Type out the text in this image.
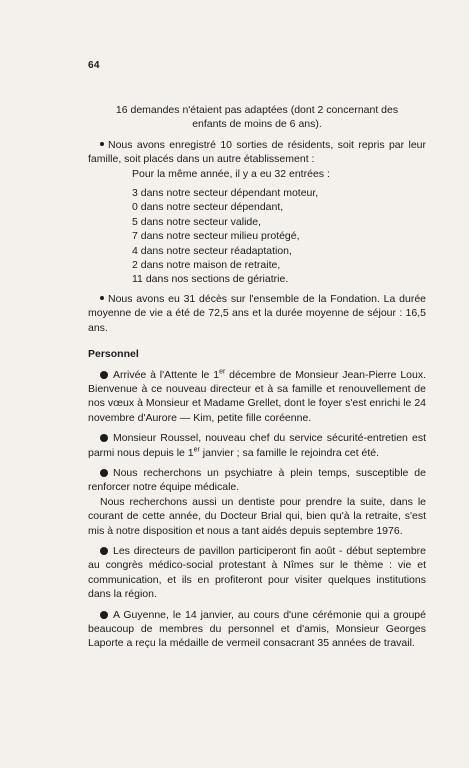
64

16 demandes n'étaient pas adaptées (dont 2 concernant des

enfants de moins de 6 ans).

Nous avons enregistré 10 sorties de résidents, soit repris par leur famille, soit placés dans un autre établissement :

Pour la même année, il y a eu 32 entrées :

3 dans notre secteur dépendant moteur,
0 dans notre secteur dépendant,
5 dans notre secteur valide,
7 dans notre secteur milieu protégé,
4 dans notre secteur réadaptation,
2 dans notre maison de retraite,
11 dans nos sections de gériatrie.

Nous avons eu 31 décès sur l'ensemble de la Fondation. La durée moyenne de vie a été de 72,5 ans et la durée moyenne de séjour : 16,5 ans.

Personnel

Arrivée à l'Attente le 1er décembre de Monsieur Jean-Pierre Loux. Bienvenue à ce nouveau directeur et à sa famille et renouvellement de nos vœux à Monsieur et Madame Grellet, dont le foyer s'est enrichi le 24 novembre d'Aurore — Kim, petite fille coréenne.

Monsieur Roussel, nouveau chef du service sécurité-entretien est parmi nous depuis le 1er janvier ; sa famille le rejoindra cet été.

Nous recherchons un psychiatre à plein temps, susceptible de renforcer notre équipe médicale.

Nous recherchons aussi un dentiste pour prendre la suite, dans le courant de cette année, du Docteur Brial qui, bien qu'à la retraite, s'est mis à notre disposition et nous a tant aidés depuis septembre 1976.

Les directeurs de pavillon participeront fin août - début septembre au congrès médico-social protestant à Nîmes sur le thème : vie et communication, et ils en profiteront pour visiter quelques institutions dans la région.

A Guyenne, le 14 janvier, au cours d'une cérémonie qui a groupé beaucoup de membres du personnel et d'amis, Monsieur Georges Laporte a reçu la médaille de vermeil consacrant 35 années de travail.
